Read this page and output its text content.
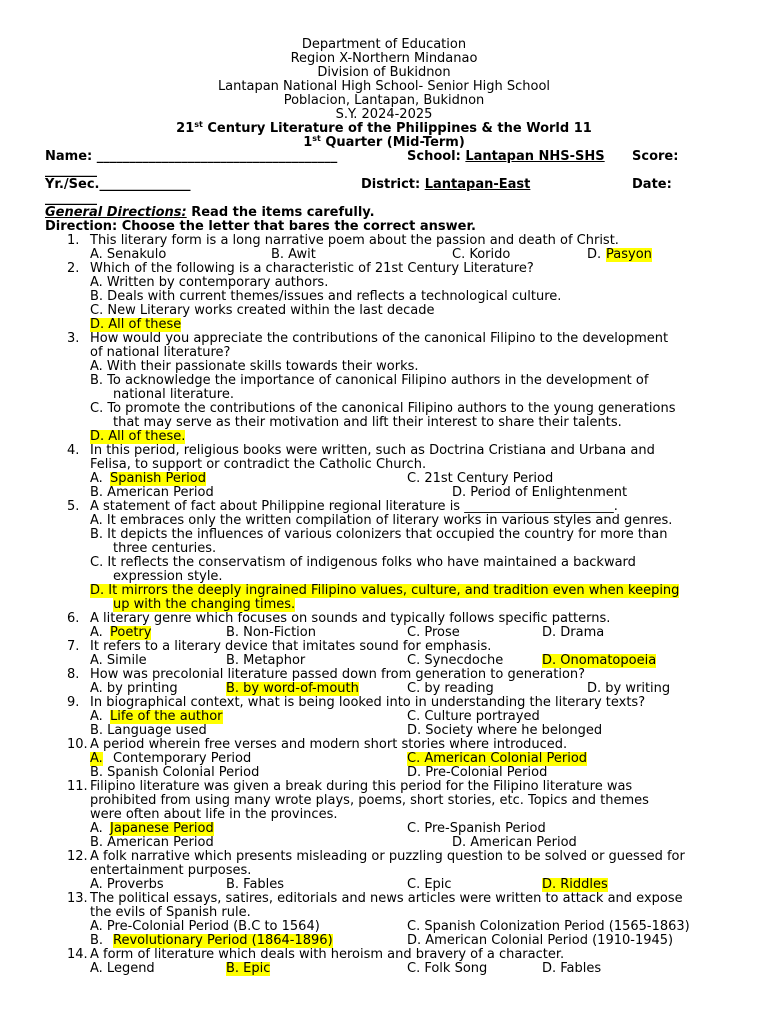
Department of Education
Region X-Northern Mindanao
Division of Bukidnon
Lantapan National High School- Senior High School
Poblacion, Lantapan, Bukidnon
S.Y. 2024-2025
21st Century Literature of the Philippines & the World 11
1st Quarter (Mid-Term)
Name: _____________________________________	School: Lantapan NHS-SHS Score:
________
Yr./Sec.______________	District: Lantapan-East	Date:
________
General Directions: Read the items carefully.
Direction: Choose the letter that bares the correct answer.
1. This literary form is a long narrative poem about the passion and death of Christ.
A. Senakulo	B. Awit	C. Korido	D. Pasyon
2. Which of the following is a characteristic of 21st Century Literature?
A. Written by contemporary authors.
B. Deals with current themes/issues and reflects a technological culture.
C. New Literary works created within the last decade
D. All of these
3. How would you appreciate the contributions of the canonical Filipino to the development
of national literature?
A. With their passionate skills towards their works.
B. To acknowledge the importance of canonical Filipino authors in the development of
national literature.
C. To promote the contributions of the canonical Filipino authors to the young generations
that may serve as their motivation and lift their interest to share their talents.
D. All of these.
4. In this period, religious books were written, such as Doctrina Cristiana and Urbana and
Felisa, to support or contradict the Catholic Church.
A. Spanish Period	C. 21st Century Period
B. American Period	D. Period of Enlightenment
5. A statement of fact about Philippine regional literature is _______________________.
A. It embraces only the written compilation of literary works in various styles and genres.
B. It depicts the influences of various colonizers that occupied the country for more than
three centuries.
C. It reflects the conservatism of indigenous folks who have maintained a backward
expression style.
D. It mirrors the deeply ingrained Filipino values, culture, and tradition even when keeping
up with the changing times.
6. A literary genre which focuses on sounds and typically follows specific patterns.
A. Poetry	B. Non-Fiction	C. Prose	D. Drama
7. It refers to a literary device that imitates sound for emphasis.
A. Simile	B. Metaphor	C. Synecdoche	D. Onomatopoeia
8. How was precolonial literature passed down from generation to generation?
A. by printing	B. by word-of-mouth	C. by reading	D. by writing
9. In biographical context, what is being looked into in understanding the literary texts?
A. Life of the author	C. Culture portrayed
B. Language used	D. Society where he belonged
10. A period wherein free verses and modern short stories where introduced.
A. Contemporary Period	C. American Colonial Period
B. Spanish Colonial Period	D. Pre-Colonial Period
11. Filipino literature was given a break during this period for the Filipino literature was
prohibited from using many wrote plays, poems, short stories, etc. Topics and themes
were often about life in the provinces.
A. Japanese Period	C. Pre-Spanish Period
B. American Period	D. American Period
12. A folk narrative which presents misleading or puzzling question to be solved or guessed for
entertainment purposes.
A. Proverbs	B. Fables	C. Epic	D. Riddles
13. The political essays, satires, editorials and news articles were written to attack and expose
the evils of Spanish rule.
A. Pre-Colonial Period (B.C to 1564)	C. Spanish Colonization Period (1565-1863)
B. Revolutionary Period (1864-1896)	D. American Colonial Period (1910-1945)
14. A form of literature which deals with heroism and bravery of a character.
A. Legend	B. Epic	C. Folk Song	D. Fables
